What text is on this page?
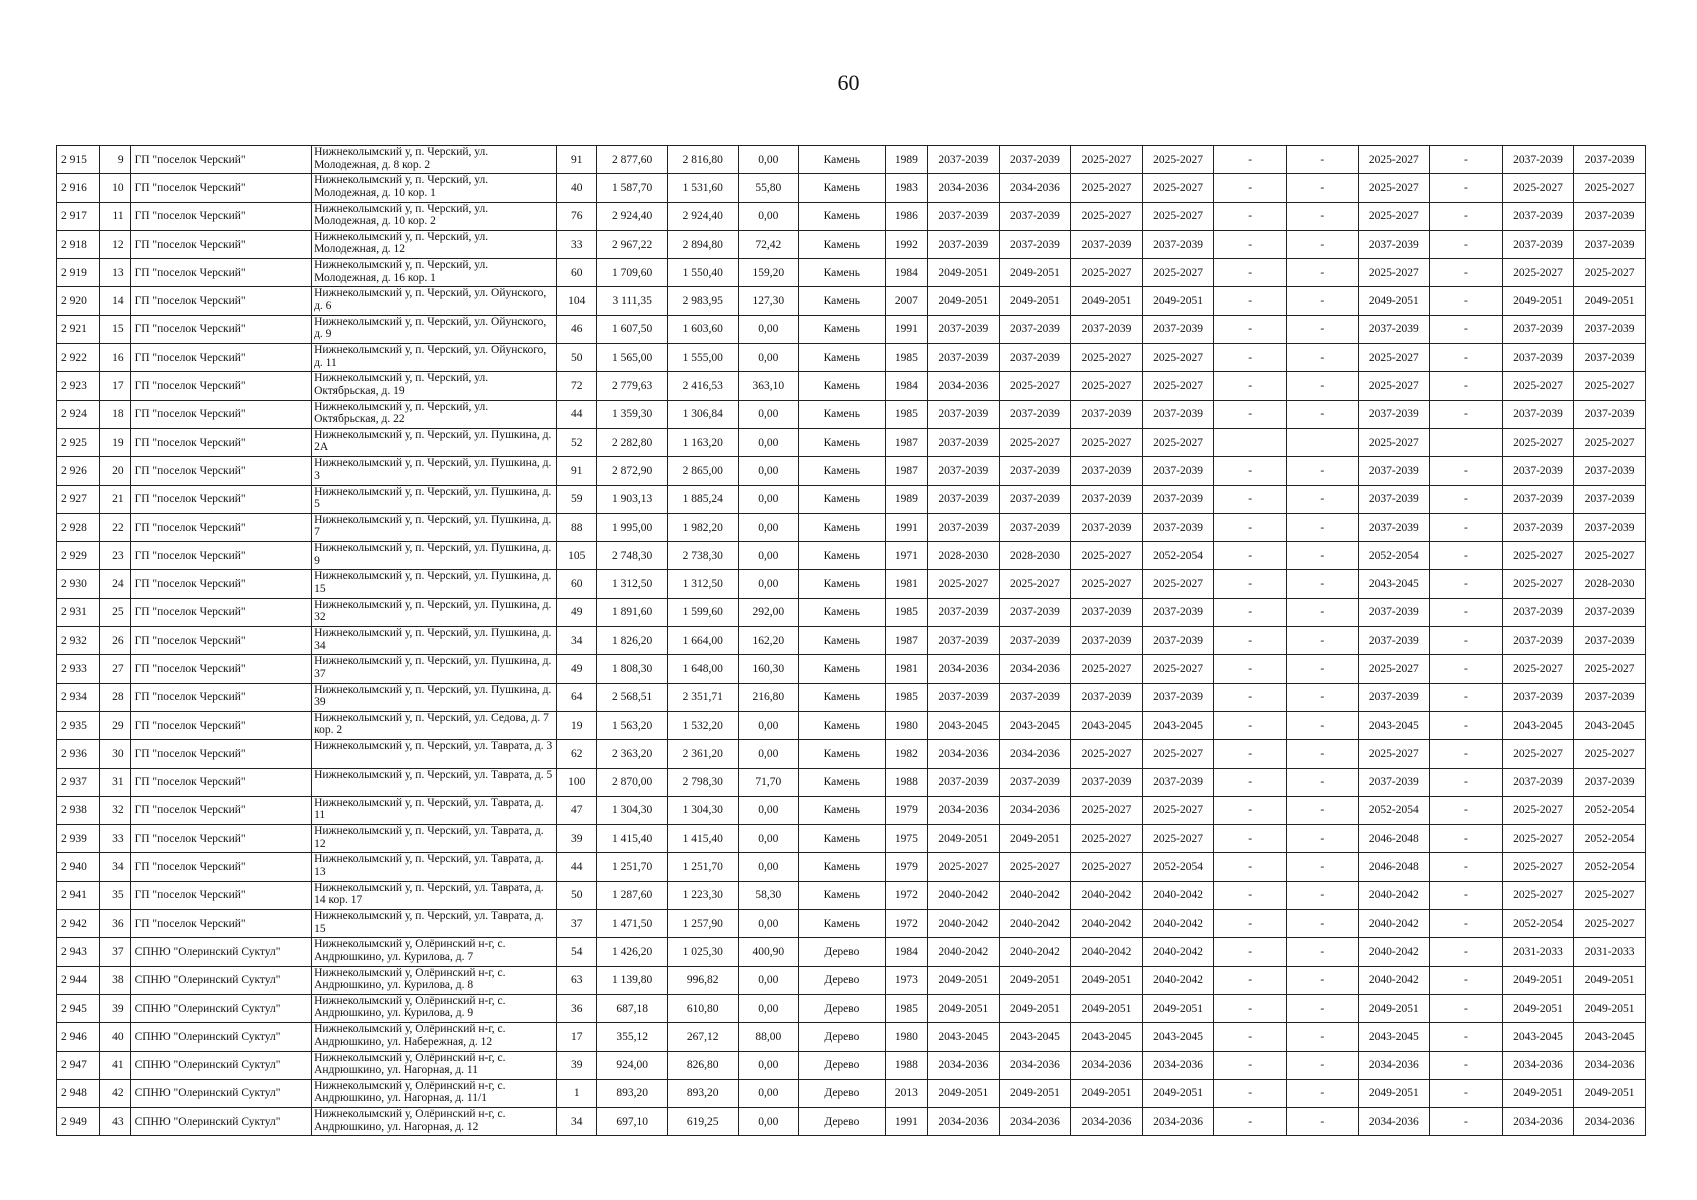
60
2 915	9	ГП "поселок Черский"	Нижнеколымский у, п. Черский, ул. Молодежная, д. 8 кор. 2	91	2 877,60	2 816,80	0,00	Камень	1989	2037-2039	2037-2039	2025-2027	2025-2027	-	-	2025-2027	-	2037-2039	2037-2039
2 916	10	ГП "поселок Черский"	Нижнеколымский у, п. Черский, ул. Молодежная, д. 10 кор. 1	40	1 587,70	1 531,60	55,80	Камень	1983	2034-2036	2034-2036	2025-2027	2025-2027	-	-	2025-2027	-	2025-2027	2025-2027
2 917	11	ГП "поселок Черский"	Нижнеколымский у, п. Черский, ул. Молодежная, д. 10 кор. 2	76	2 924,40	2 924,40	0,00	Камень	1986	2037-2039	2037-2039	2025-2027	2025-2027	-	-	2025-2027	-	2037-2039	2037-2039
2 918	12	ГП "поселок Черский"	Нижнеколымский у, п. Черский, ул. Молодежная, д. 12	33	2 967,22	2 894,80	72,42	Камень	1992	2037-2039	2037-2039	2037-2039	2037-2039	-	-	2037-2039	-	2037-2039	2037-2039
2 919	13	ГП "поселок Черский"	Нижнеколымский у, п. Черский, ул. Молодежная, д. 16 кор. 1	60	1 709,60	1 550,40	159,20	Камень	1984	2049-2051	2049-2051	2025-2027	2025-2027	-	-	2025-2027	-	2025-2027	2025-2027
2 920	14	ГП "поселок Черский"	Нижнеколымский у, п. Черский, ул. Ойунского, д. 6	104	3 111,35	2 983,95	127,30	Камень	2007	2049-2051	2049-2051	2049-2051	2049-2051	-	-	2049-2051	-	2049-2051	2049-2051
2 921	15	ГП "поселок Черский"	Нижнеколымский у, п. Черский, ул. Ойунского, д. 9	46	1 607,50	1 603,60	0,00	Камень	1991	2037-2039	2037-2039	2037-2039	2037-2039	-	-	2037-2039	-	2037-2039	2037-2039
2 922	16	ГП "поселок Черский"	Нижнеколымский у, п. Черский, ул. Ойунского, д. 11	50	1 565,00	1 555,00	0,00	Камень	1985	2037-2039	2037-2039	2025-2027	2025-2027	-	-	2025-2027	-	2037-2039	2037-2039
2 923	17	ГП "поселок Черский"	Нижнеколымский у, п. Черский, ул. Октябрьская, д. 19	72	2 779,63	2 416,53	363,10	Камень	1984	2034-2036	2025-2027	2025-2027	2025-2027	-	-	2025-2027	-	2025-2027	2025-2027
2 924	18	ГП "поселок Черский"	Нижнеколымский у, п. Черский, ул. Октябрьская, д. 22	44	1 359,30	1 306,84	0,00	Камень	1985	2037-2039	2037-2039	2037-2039	2037-2039	-	-	2037-2039	-	2037-2039	2037-2039
2 925	19	ГП "поселок Черский"	Нижнеколымский у, п. Черский, ул. Пушкина, д. 2А	52	2 282,80	1 163,20	0,00	Камень	1987	2037-2039	2025-2027	2025-2027	2025-2027			2025-2027		2025-2027	2025-2027
2 926	20	ГП "поселок Черский"	Нижнеколымский у, п. Черский, ул. Пушкина, д. 3	91	2 872,90	2 865,00	0,00	Камень	1987	2037-2039	2037-2039	2037-2039	2037-2039	-	-	2037-2039	-	2037-2039	2037-2039
2 927	21	ГП "поселок Черский"	Нижнеколымский у, п. Черский, ул. Пушкина, д. 5	59	1 903,13	1 885,24	0,00	Камень	1989	2037-2039	2037-2039	2037-2039	2037-2039	-	-	2037-2039	-	2037-2039	2037-2039
2 928	22	ГП "поселок Черский"	Нижнеколымский у, п. Черский, ул. Пушкина, д. 7	88	1 995,00	1 982,20	0,00	Камень	1991	2037-2039	2037-2039	2037-2039	2037-2039	-	-	2037-2039	-	2037-2039	2037-2039
2 929	23	ГП "поселок Черский"	Нижнеколымский у, п. Черский, ул. Пушкина, д. 9	105	2 748,30	2 738,30	0,00	Камень	1971	2028-2030	2028-2030	2025-2027	2052-2054	-	-	2052-2054	-	2025-2027	2025-2027
2 930	24	ГП "поселок Черский"	Нижнеколымский у, п. Черский, ул. Пушкина, д. 15	60	1 312,50	1 312,50	0,00	Камень	1981	2025-2027	2025-2027	2025-2027	2025-2027	-	-	2043-2045	-	2025-2027	2028-2030
2 931	25	ГП "поселок Черский"	Нижнеколымский у, п. Черский, ул. Пушкина, д. 32	49	1 891,60	1 599,60	292,00	Камень	1985	2037-2039	2037-2039	2037-2039	2037-2039	-	-	2037-2039	-	2037-2039	2037-2039
2 932	26	ГП "поселок Черский"	Нижнеколымский у, п. Черский, ул. Пушкина, д. 34	34	1 826,20	1 664,00	162,20	Камень	1987	2037-2039	2037-2039	2037-2039	2037-2039	-	-	2037-2039	-	2037-2039	2037-2039
2 933	27	ГП "поселок Черский"	Нижнеколымский у, п. Черский, ул. Пушкина, д. 37	49	1 808,30	1 648,00	160,30	Камень	1981	2034-2036	2034-2036	2025-2027	2025-2027	-	-	2025-2027	-	2025-2027	2025-2027
2 934	28	ГП "поселок Черский"	Нижнеколымский у, п. Черский, ул. Пушкина, д. 39	64	2 568,51	2 351,71	216,80	Камень	1985	2037-2039	2037-2039	2037-2039	2037-2039	-	-	2037-2039	-	2037-2039	2037-2039
2 935	29	ГП "поселок Черский"	Нижнеколымский у, п. Черский, ул. Седова, д. 7 кор. 2	19	1 563,20	1 532,20	0,00	Камень	1980	2043-2045	2043-2045	2043-2045	2043-2045	-	-	2043-2045	-	2043-2045	2043-2045
2 936	30	ГП "поселок Черский"	Нижнеколымский у, п. Черский, ул. Таврата, д. 3	62	2 363,20	2 361,20	0,00	Камень	1982	2034-2036	2034-2036	2025-2027	2025-2027	-	-	2025-2027	-	2025-2027	2025-2027
2 937	31	ГП "поселок Черский"	Нижнеколымский у, п. Черский, ул. Таврата, д. 5	100	2 870,00	2 798,30	71,70	Камень	1988	2037-2039	2037-2039	2037-2039	2037-2039	-	-	2037-2039	-	2037-2039	2037-2039
2 938	32	ГП "поселок Черский"	Нижнеколымский у, п. Черский, ул. Таврата, д. 11	47	1 304,30	1 304,30	0,00	Камень	1979	2034-2036	2034-2036	2025-2027	2025-2027	-	-	2052-2054	-	2025-2027	2052-2054
2 939	33	ГП "поселок Черский"	Нижнеколымский у, п. Черский, ул. Таврата, д. 12	39	1 415,40	1 415,40	0,00	Камень	1975	2049-2051	2049-2051	2025-2027	2025-2027	-	-	2046-2048	-	2025-2027	2052-2054
2 940	34	ГП "поселок Черский"	Нижнеколымский у, п. Черский, ул. Таврата, д. 13	44	1 251,70	1 251,70	0,00	Камень	1979	2025-2027	2025-2027	2025-2027	2052-2054	-	-	2046-2048	-	2025-2027	2052-2054
2 941	35	ГП "поселок Черский"	Нижнеколымский у, п. Черский, ул. Таврата, д. 14 кор. 17	50	1 287,60	1 223,30	58,30	Камень	1972	2040-2042	2040-2042	2040-2042	2040-2042	-	-	2040-2042	-	2025-2027	2025-2027
2 942	36	ГП "поселок Черский"	Нижнеколымский у, п. Черский, ул. Таврата, д. 15	37	1 471,50	1 257,90	0,00	Камень	1972	2040-2042	2040-2042	2040-2042	2040-2042	-	-	2040-2042	-	2052-2054	2025-2027
2 943	37	СПНЮ "Олеринский Суктул"	Нижнеколымский у, Олёринский н-г, с. Андрюшкино, ул. Курилова, д. 7	54	1 426,20	1 025,30	400,90	Дерево	1984	2040-2042	2040-2042	2040-2042	2040-2042	-	-	2040-2042	-	2031-2033	2031-2033
2 944	38	СПНЮ "Олеринский Суктул"	Нижнеколымский у, Олёринский н-г, с. Андрюшкино, ул. Курилова, д. 8	63	1 139,80	996,82	0,00	Дерево	1973	2049-2051	2049-2051	2049-2051	2040-2042	-	-	2040-2042	-	2049-2051	2049-2051
2 945	39	СПНЮ "Олеринский Суктул"	Нижнеколымский у, Олёринский н-г, с. Андрюшкино, ул. Курилова, д. 9	36	687,18	610,80	0,00	Дерево	1985	2049-2051	2049-2051	2049-2051	2049-2051	-	-	2049-2051	-	2049-2051	2049-2051
2 946	40	СПНЮ "Олеринский Суктул"	Нижнеколымский у, Олёринский н-г, с. Андрюшкино, ул. Набережная, д. 12	17	355,12	267,12	88,00	Дерево	1980	2043-2045	2043-2045	2043-2045	2043-2045	-	-	2043-2045	-	2043-2045	2043-2045
2 947	41	СПНЮ "Олеринский Суктул"	Нижнеколымский у, Олёринский н-г, с. Андрюшкино, ул. Нагорная, д. 11	39	924,00	826,80	0,00	Дерево	1988	2034-2036	2034-2036	2034-2036	2034-2036	-	-	2034-2036	-	2034-2036	2034-2036
2 948	42	СПНЮ "Олеринский Суктул"	Нижнеколымский у, Олёринский н-г, с. Андрюшкино, ул. Нагорная, д. 11/1	1	893,20	893,20	0,00	Дерево	2013	2049-2051	2049-2051	2049-2051	2049-2051	-	-	2049-2051	-	2049-2051	2049-2051
2 949	43	СПНЮ "Олеринский Суктул"	Нижнеколымский у, Олёринский н-г, с. Андрюшкино, ул. Нагорная, д. 12	34	697,10	619,25	0,00	Дерево	1991	2034-2036	2034-2036	2034-2036	2034-2036	-	-	2034-2036	-	2034-2036	2034-2036
